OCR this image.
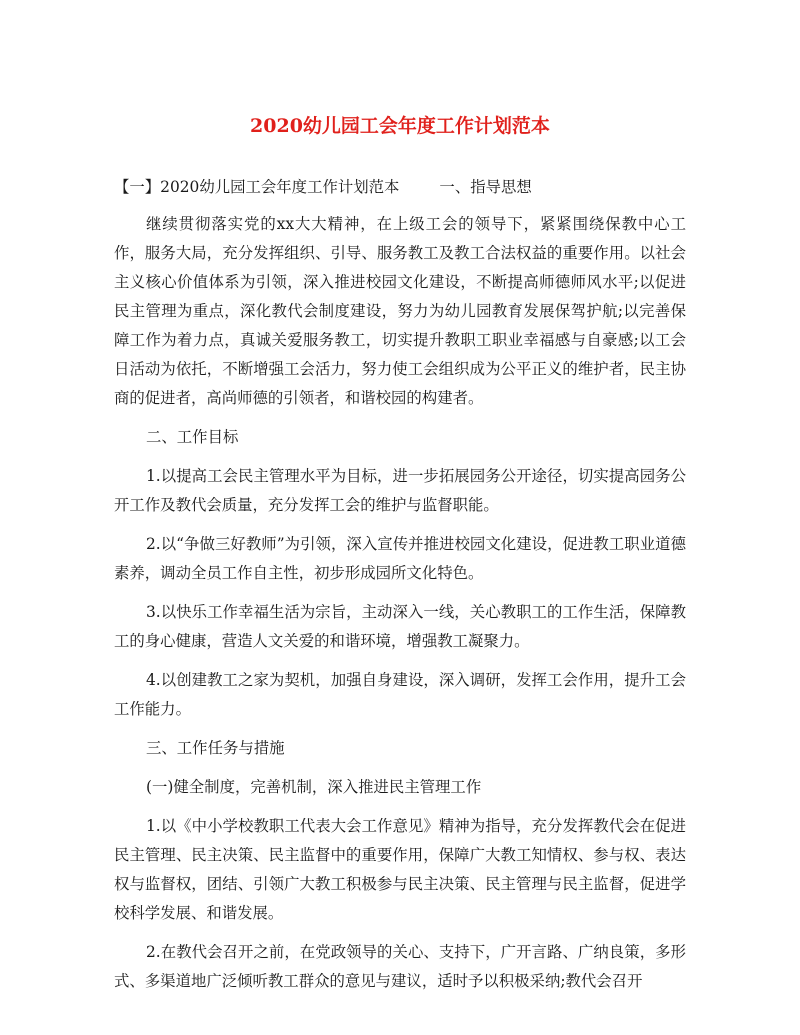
2020幼儿园工会年度工作计划范本

【一】2020幼儿园工会年度工作计划范本	一、指导思想

继续贯彻落实党的xx大大精神，在上级工会的领导下，紧紧围绕保教中心工作，服务大局，充分发挥组织、引导、服务教工及教工合法权益的重要作用。以社会主义核心价值体系为引领，深入推进校园文化建设，不断提高师德师风水平;以促进民主管理为重点，深化教代会制度建设，努力为幼儿园教育发展保驾护航;以完善保障工作为着力点，真诚关爱服务教工，切实提升教职工职业幸福感与自豪感;以工会日活动为依托，不断增强工会活力，努力使工会组织成为公平正义的维护者，民主协商的促进者，高尚师德的引领者，和谐校园的构建者。

二、工作目标

1.以提高工会民主管理水平为目标，进一步拓展园务公开途径，切实提高园务公开工作及教代会质量，充分发挥工会的维护与监督职能。

2.以“争做三好教师”为引领，深入宣传并推进校园文化建设，促进教工职业道德素养，调动全员工作自主性，初步形成园所文化特色。

3.以快乐工作幸福生活为宗旨，主动深入一线，关心教职工的工作生活，保障教工的身心健康，营造人文关爱的和谐环境，增强教工凝聚力。

4.以创建教工之家为契机，加强自身建设，深入调研，发挥工会作用，提升工会工作能力。

三、工作任务与措施

(一)健全制度，完善机制，深入推进民主管理工作

1.以《中小学校教职工代表大会工作意见》精神为指导，充分发挥教代会在促进民主管理、民主决策、民主监督中的重要作用，保障广大教工知情权、参与权、表达权与监督权，团结、引领广大教工积极参与民主决策、民主管理与民主监督，促进学校科学发展、和谐发展。

2.在教代会召开之前，在党政领导的关心、支持下，广开言路、广纳良策，多形式、多渠道地广泛倾听教工群众的意见与建议，适时予以积极采纳;教代会召开
